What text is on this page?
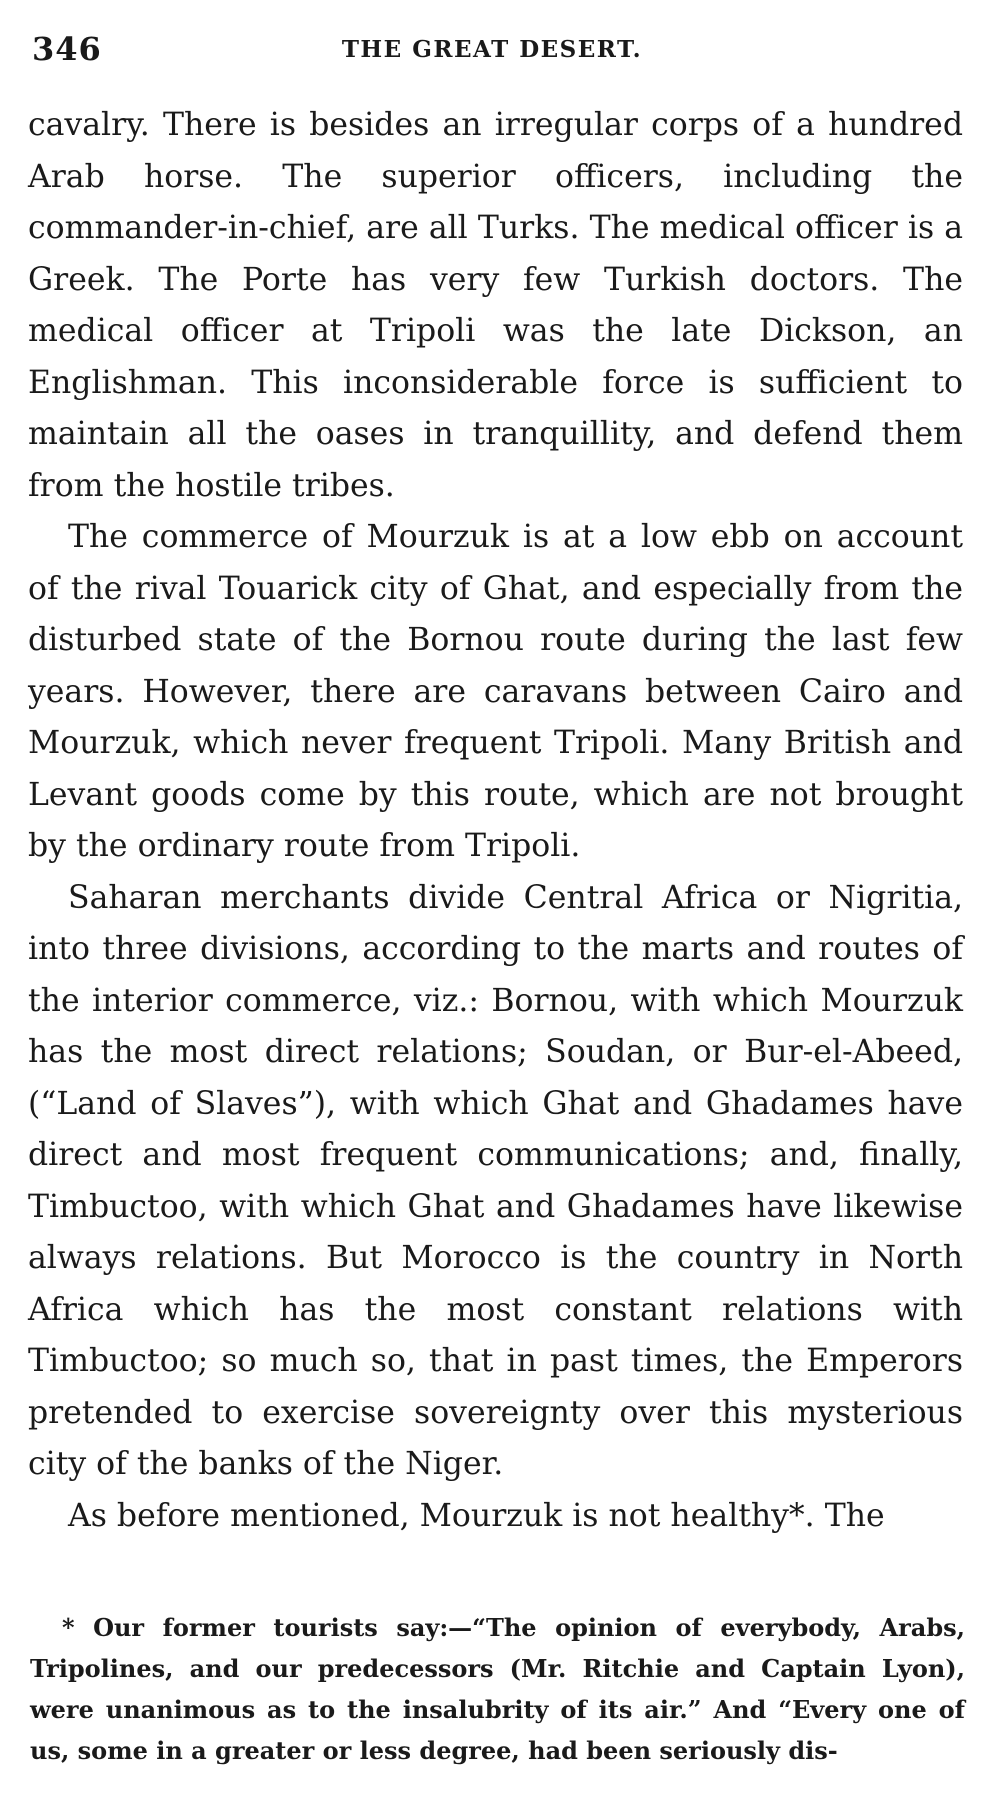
346	THE GREAT DESERT.

cavalry. There is besides an irregular corps of a hundred Arab horse. The superior officers, including the commander-in-chief, are all Turks. The medical officer is a Greek. The Porte has very few Turkish doctors. The medical officer at Tripoli was the late Dickson, an Englishman. This inconsiderable force is sufficient to maintain all the oases in tranquillity, and defend them from the hostile tribes.

The commerce of Mourzuk is at a low ebb on account of the rival Touarick city of Ghat, and especially from the disturbed state of the Bornou route during the last few years. However, there are caravans between Cairo and Mourzuk, which never frequent Tripoli. Many British and Levant goods come by this route, which are not brought by the ordinary route from Tripoli.

Saharan merchants divide Central Africa or Nigritia, into three divisions, according to the marts and routes of the interior commerce, viz.: Bornou, with which Mourzuk has the most direct relations; Soudan, or Bur-el-Abeed, (“Land of Slaves”), with which Ghat and Ghadames have direct and most frequent communications; and, finally, Timbuctoo, with which Ghat and Ghadames have likewise always relations. But Morocco is the country in North Africa which has the most constant relations with Timbuctoo; so much so, that in past times, the Emperors pretended to exercise sovereignty over this mysterious city of the banks of the Niger.

As before mentioned, Mourzuk is not healthy*. The

* Our former tourists say:—“The opinion of everybody, Arabs, Tripolines, and our predecessors (Mr. Ritchie and Captain Lyon), were unanimous as to the insalubrity of its air.” And “Every one of us, some in a greater or less degree, had been seriously dis-
